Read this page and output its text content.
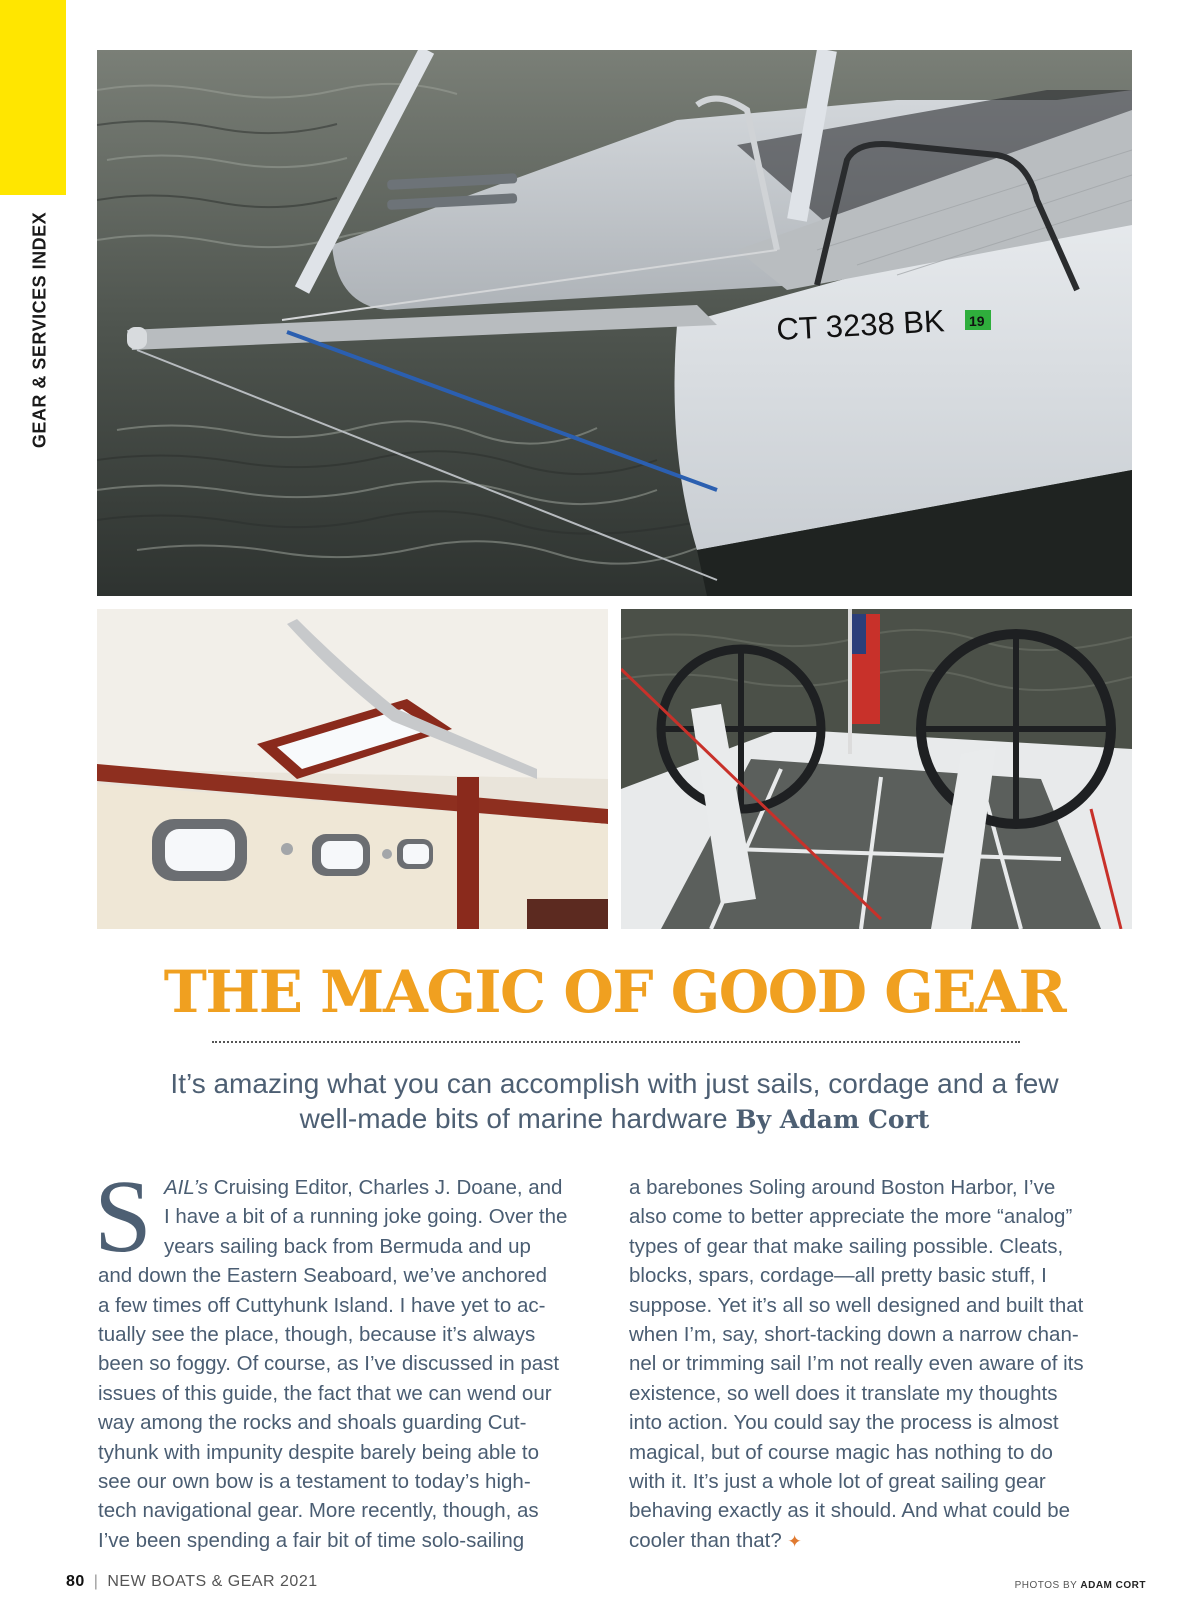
GEAR & SERVICES INDEX	CT 3238 BK 19
THE MAGIC OF GOOD GEAR

It’s amazing what you can accomplish with just sails, cordage and a few
well-made bits of marine hardware By Adam Cort

S AIL’s Cruising Editor, Charles J. Doane, and
I have a bit of a running joke going. Over the
years sailing back from Bermuda and up
and down the Eastern Seaboard, we’ve anchored
a few times off Cuttyhunk Island. I have yet to ac-
tually see the place, though, because it’s always
been so foggy. Of course, as I’ve discussed in past
issues of this guide, the fact that we can wend our
way among the rocks and shoals guarding Cut-
tyhunk with impunity despite barely being able to
see our own bow is a testament to today’s high-
tech navigational gear. More recently, though, as
I’ve been spending a fair bit of time solo-sailing
a barebones Soling around Boston Harbor, I’ve
also come to better appreciate the more “analog”
types of gear that make sailing possible. Cleats,
blocks, spars, cordage—all pretty basic stuff, I
suppose. Yet it’s all so well designed and built that
when I’m, say, short-tacking down a narrow chan-
nel or trimming sail I’m not really even aware of its
existence, so well does it translate my thoughts
into action. You could say the process is almost
magical, but of course magic has nothing to do
with it. It’s just a whole lot of great sailing gear
behaving exactly as it should. And what could be
cooler than that? ✦
80 | NEW BOATS & GEAR 2021	PHOTOS BY ADAM CORT
